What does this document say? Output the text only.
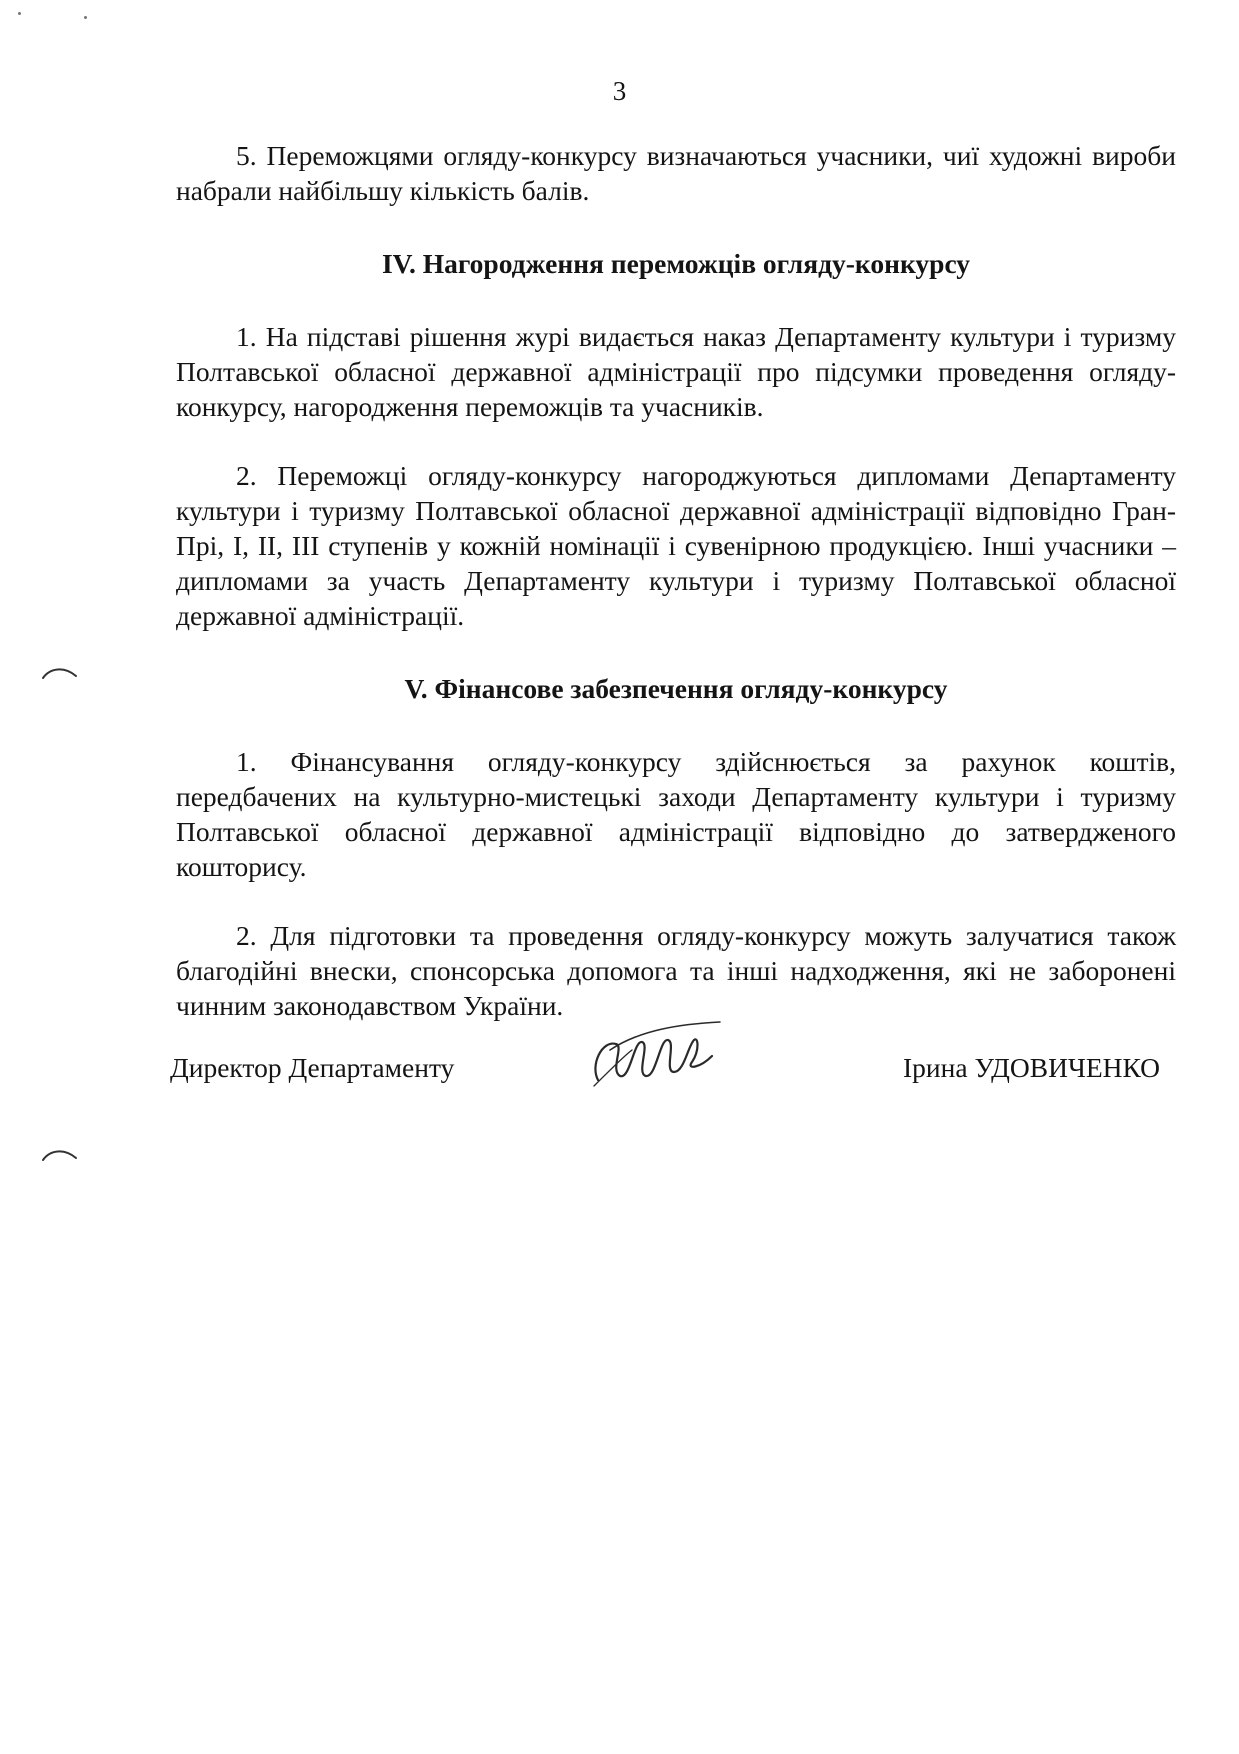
3

5. Переможцями огляду-конкурсу визначаються учасники, чиї художні вироби набрали найбільшу кількість балів.

IV. Нагородження переможців огляду-конкурсу

1. На підставі рішення журі видається наказ Департаменту культури і туризму Полтавської обласної державної адміністрації про підсумки проведення огляду-конкурсу, нагородження переможців та учасників.

2. Переможці огляду-конкурсу нагороджуються дипломами Департаменту культури і туризму Полтавської обласної державної адміністрації відповідно Гран-Прі, І, ІІ, ІІІ ступенів у кожній номінації і сувенірною продукцією. Інші учасники – дипломами за участь Департаменту культури і туризму Полтавської обласної державної адміністрації.

V. Фінансове забезпечення огляду-конкурсу

1. Фінансування огляду-конкурсу здійснюється за рахунок коштів, передбачених на культурно-мистецькі заходи Департаменту культури і туризму Полтавської обласної державної адміністрації відповідно до затвердженого кошторису.

2. Для підготовки та проведення огляду-конкурсу можуть залучатися також благодійні внески, спонсорська допомога та інші надходження, які не заборонені чинним законодавством України.

Директор Департаменту	Ірина УДОВИЧЕНКО
